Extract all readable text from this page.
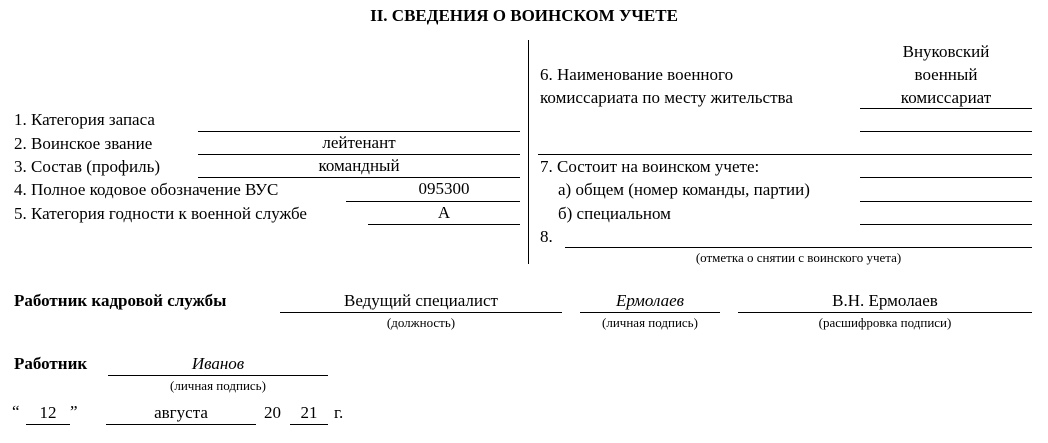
II. СВЕДЕНИЯ О ВОИНСКОМ УЧЕТЕ
1. Категория запаса
2. Воинское звание	лейтенант
3. Состав (профиль)	командный
4. Полное кодовое обозначение ВУС	095300
5. Категория годности к военной службе	А
6. Наименование военного
комиссариата по месту жительства
Внуковский
военный
комиссариат
7. Состоит на воинском учете:
а) общем (номер команды, партии)
б) специальном
8.
(отметка о снятии с воинского учета)
Работник кадровой службы	Ведущий специалист
(должность)
Ермолаев
(личная подпись)
В.Н. Ермолаев
(расшифровка подписи)
Работник	Иванов
(личная подпись)
“	12 ”	августа	20	21 г.
